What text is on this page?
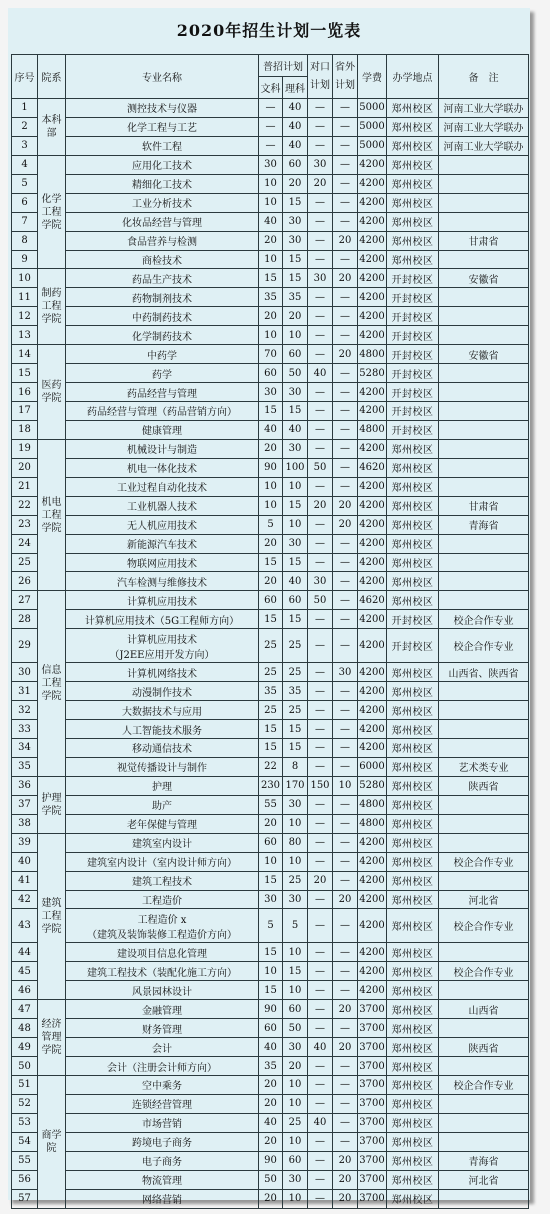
2020年招生计划一览表
序号	院系	专业名称	普招计划		对口计划	省外计划	学费	办学地点	备　注
			文科	理科					
1	本科部	测控技术与仪器	—	40	—	—	5000	郑州校区	河南工业大学联办
2		化学工程与工艺	—	40	—	—	5000	郑州校区	河南工业大学联办
3		软件工程	—	40	—	—	5000	郑州校区	河南工业大学联办
4	化学工程学院	应用化工技术	30	60	30	—	4200	郑州校区	
5		精细化工技术	10	20	20	—	4200	郑州校区	
6		工业分析技术	10	15	—	—	4200	郑州校区	
7		化妆品经营与管理	40	30	—	—	4200	郑州校区	
8		食品营养与检测	20	30	—	20	4200	郑州校区	甘肃省
9		商检技术	10	15	—	—	4200	郑州校区	
10	制药工程学院	药品生产技术	15	15	30	20	4200	开封校区	安徽省
11		药物制剂技术	35	35	—	—	4200	开封校区	
12		中药制药技术	20	20	—	—	4200	开封校区	
13		化学制药技术	10	10	—	—	4200	开封校区	
14	医药学院	中药学	70	60	—	20	4800	开封校区	安徽省
15		药学	60	50	40	—	5280	开封校区	
16		药品经营与管理	30	30	—	—	4200	开封校区	
17		药品经营与管理（药品营销方向）	15	15	—	—	4200	开封校区	
18		健康管理	40	40	—	—	4800	开封校区	
19	机电工程学院	机械设计与制造	20	30	—	—	4200	郑州校区	
20		机电一体化技术	90	100	50	—	4620	郑州校区	
21		工业过程自动化技术	10	10	—	—	4200	郑州校区	
22		工业机器人技术	10	15	20	20	4200	郑州校区	甘肃省
23		无人机应用技术	5	10	—	20	4200	郑州校区	青海省
24		新能源汽车技术	20	30	—	—	4200	郑州校区	
25		物联网应用技术	15	15	—	—	4200	郑州校区	
26		汽车检测与维修技术	20	40	30	—	4200	郑州校区	
27	信息工程学院	计算机应用技术	60	60	50	—	4620	郑州校区	
28		计算机应用技术（5G工程师方向）	15	15	—	—	4200	开封校区	校企合作专业
29		计算机应用技术
（J2EE应用开发方向）	25	25	—	—	4200	开封校区	校企合作专业
30		计算机网络技术	25	25	—	30	4200	郑州校区	山西省、陕西省
31		动漫制作技术	35	35	—	—	4200	郑州校区	
32		大数据技术与应用	25	25	—	—	4200	郑州校区	
33		人工智能技术服务	15	15	—	—	4200	郑州校区	
34		移动通信技术	15	15	—	—	4200	郑州校区	
35		视觉传播设计与制作	22	8	—	—	6000	郑州校区	艺术类专业
36	护理学院	护理	230	170	150	10	5280	郑州校区	陕西省
37		助产	55	30	—	—	4800	郑州校区	
38		老年保健与管理	20	10	—	—	4800	郑州校区	
39	建筑工程学院	建筑室内设计	60	80	—	—	4200	郑州校区	
40		建筑室内设计（室内设计师方向）	10	10	—	—	4200	郑州校区	校企合作专业
41		建筑工程技术	15	25	20	—	4200	郑州校区	
42		工程造价	30	30	—	20	4200	郑州校区	河北省
43		工程造价 x
（建筑及装饰装修工程造价方向）	5	5	—	—	4200	郑州校区	校企合作专业
44		建设项目信息化管理	15	10	—	—	4200	郑州校区	
45		建筑工程技术（装配化施工方向）	10	15	—	—	4200	郑州校区	校企合作专业
46		风景园林设计	15	10	—	—	4200	郑州校区	
47	经济管理学院	金融管理	90	60	—	20	3700	郑州校区	山西省
48		财务管理	60	50	—	—	3700	郑州校区	
49		会计	40	30	40	20	3700	郑州校区	陕西省
50		会计（注册会计师方向）	35	20	—	—	3700	郑州校区	
51	商学院	空中乘务	20	10	—	—	3700	郑州校区	校企合作专业
52		连锁经营管理	20	10	—	—	3700	郑州校区	
53		市场营销	40	25	40	—	3700	郑州校区	
54		跨境电子商务	20	10	—	—	3700	郑州校区	
55		电子商务	90	60	—	20	3700	郑州校区	青海省
56		物流管理	50	30	—	20	3700	郑州校区	河北省
57		网络营销	20	10	—	20	3700	郑州校区	
